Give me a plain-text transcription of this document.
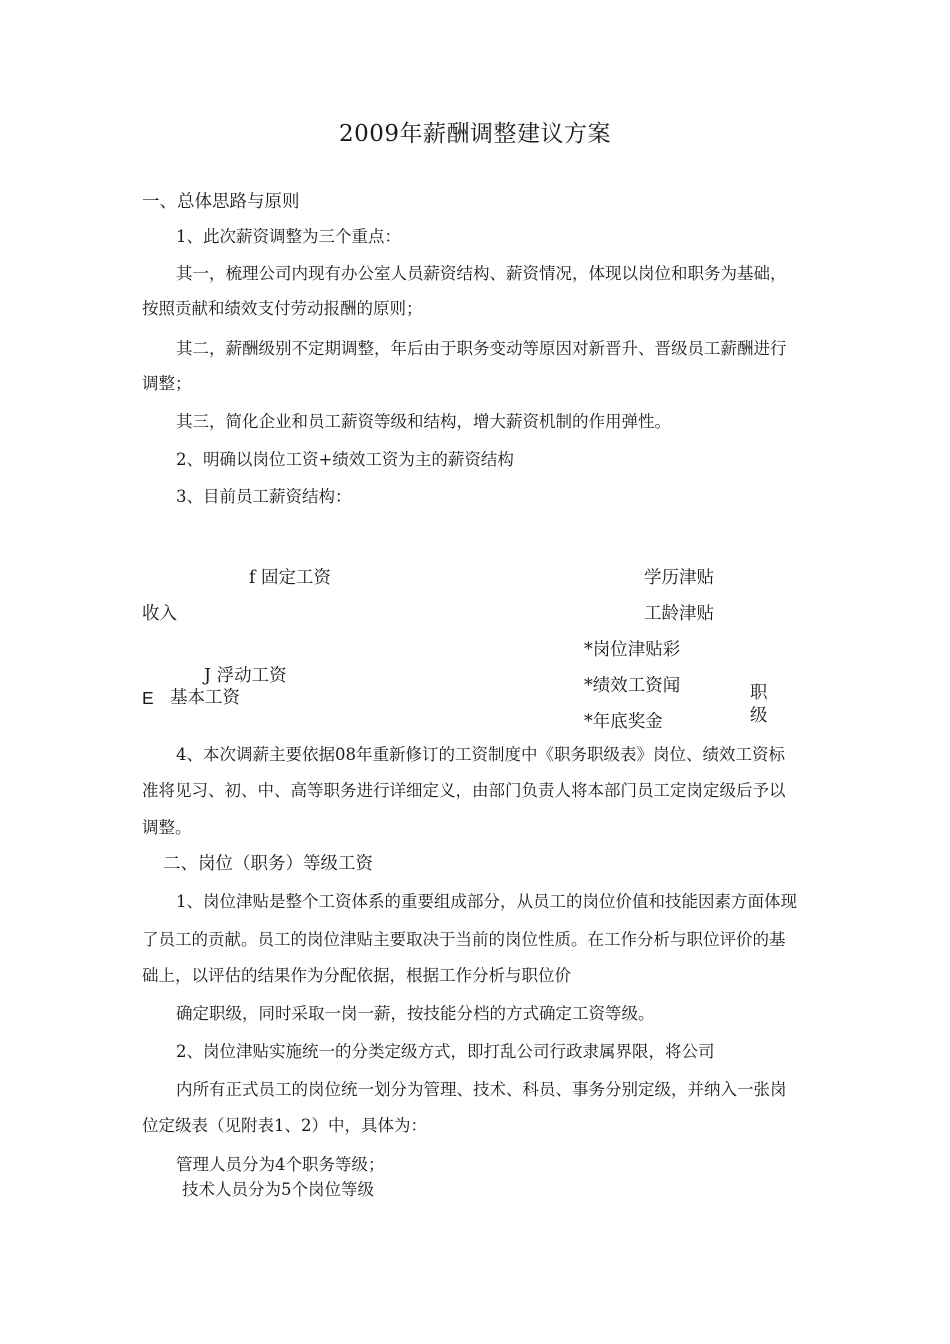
2009年薪酬调整建议方案
一、总体思路与原则
1、此次薪资调整为三个重点：
其一，梳理公司内现有办公室人员薪资结构、薪资情况，体现以岗位和职务为基础，
按照贡献和绩效支付劳动报酬的原则；
其二，薪酬级别不定期调整，年后由于职务变动等原因对新晋升、晋级员工薪酬进行
调整；
其三，简化企业和员工薪资等级和结构，增大薪资机制的作用弹性。
2、明确以岗位工资+绩效工资为主的薪资结构
3、目前员工薪资结构：
f 固定工资	学历津贴
收入	工龄津贴
*岗位津贴彩
J 浮动工资	*绩效工资闻
E 基本工资	职
级
*年底奖金
4、本次调薪主要依据08年重新修订的工资制度中《职务职级表》岗位、绩效工资标
准将见习、初、中、高等职务进行详细定义，由部门负责人将本部门员工定岗定级后予以
调整。
二、岗位（职务）等级工资
1、岗位津贴是整个工资体系的重要组成部分，从员工的岗位价值和技能因素方面体现
了员工的贡献。员工的岗位津贴主要取决于当前的岗位性质。在工作分析与职位评价的基
础上，以评估的结果作为分配依据，根据工作分析与职位价
确定职级，同时采取一岗一薪，按技能分档的方式确定工资等级。
2、岗位津贴实施统一的分类定级方式，即打乱公司行政隶属界限，将公司
内所有正式员工的岗位统一划分为管理、技术、科员、事务分别定级，并纳入一张岗
位定级表（见附表1、2）中，具体为：
管理人员分为4个职务等级；
技术人员分为5个岗位等级
